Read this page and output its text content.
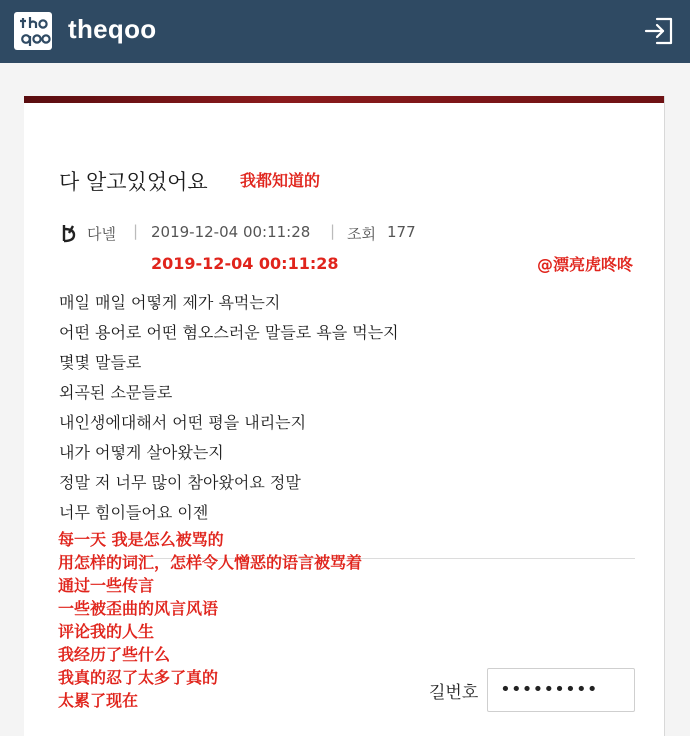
theqoo
다 알고있었어요 我都知道的
다넬 | 2019-12-04 00:11:28 | 조회 177
2019-12-04 00:11:28	@漂亮虎咚咚
매일 매일 어떻게 제가 욕먹는지
어떤 용어로 어떤 혐오스러운 말들로 욕을 먹는지
몇몇 말들로
외곡된 소문들로
내인생에대해서 어떤 평을 내리는지
내가 어떻게 살아왔는지
정말 저 너무 많이 참아왔어요 정말
너무 힘이들어요 이젠
每一天 我是怎么被骂的
用怎样的词汇，怎样令人憎恶的语言被骂着
通过一些传言
一些被歪曲的风言风语
评论我的人生
我经历了些什么
我真的忍了太多了真的
太累了现在	길번호
•••••••••
